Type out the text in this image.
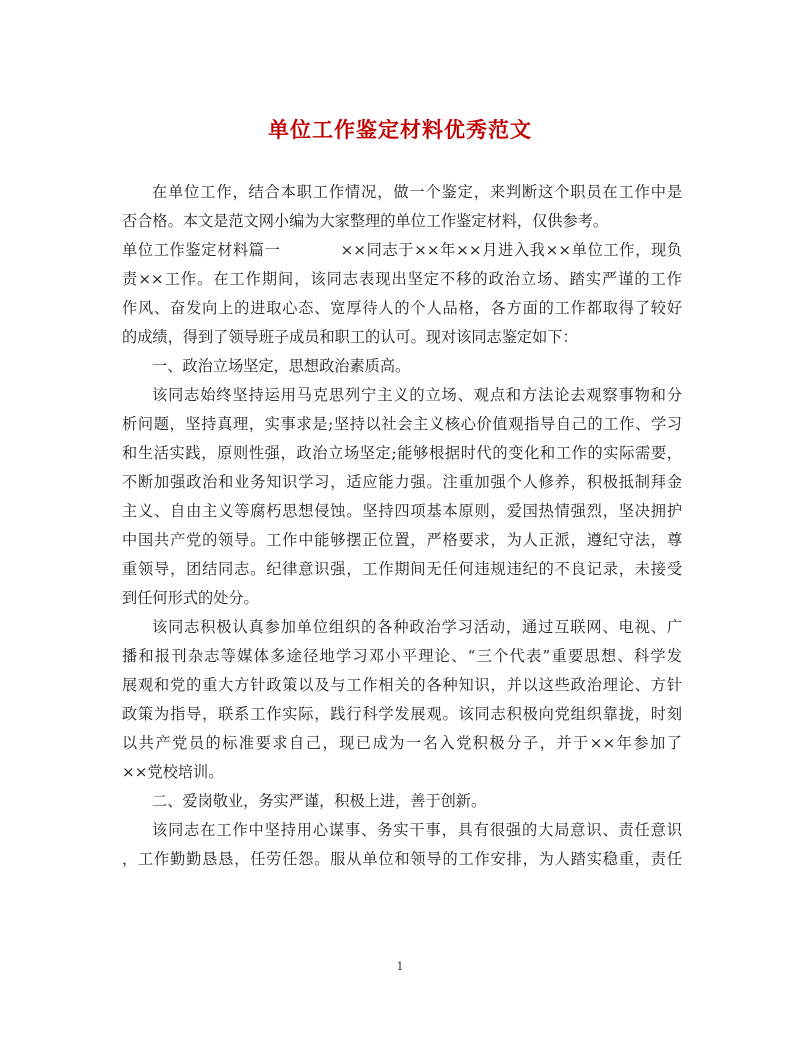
单位工作鉴定材料优秀范文
在单位工作，结合本职工作情况，做一个鉴定，来判断这个职员在工作中是
否合格。本文是范文网小编为大家整理的单位工作鉴定材料，仅供参考。
单位工作鉴定材料篇一	××同志于××年××月进入我××单位工作，现负
责××工作。在工作期间，该同志表现出坚定不移的政治立场、踏实严谨的工作
作风、奋发向上的进取心态、宽厚待人的个人品格，各方面的工作都取得了较好
的成绩，得到了领导班子成员和职工的认可。现对该同志鉴定如下：
一、政治立场坚定，思想政治素质高。
该同志始终坚持运用马克思列宁主义的立场、观点和方法论去观察事物和分
析问题，坚持真理，实事求是;坚持以社会主义核心价值观指导自己的工作、学习
和生活实践，原则性强，政治立场坚定;能够根据时代的变化和工作的实际需要，
不断加强政治和业务知识学习，适应能力强。注重加强个人修养，积极抵制拜金
主义、自由主义等腐朽思想侵蚀。坚持四项基本原则，爱国热情强烈，坚决拥护
中国共产党的领导。工作中能够摆正位置，严格要求，为人正派，遵纪守法，尊
重领导，团结同志。纪律意识强，工作期间无任何违规违纪的不良记录，未接受
到任何形式的处分。
该同志积极认真参加单位组织的各种政治学习活动，通过互联网、电视、广
播和报刊杂志等媒体多途径地学习邓小平理论、“三个代表”重要思想、科学发
展观和党的重大方针政策以及与工作相关的各种知识，并以这些政治理论、方针
政策为指导，联系工作实际，践行科学发展观。该同志积极向党组织靠拢，时刻
以共产党员的标准要求自己，现已成为一名入党积极分子，并于××年参加了
××党校培训。
二、爱岗敬业，务实严谨，积极上进，善于创新。
该同志在工作中坚持用心谋事、务实干事，具有很强的大局意识、责任意识
，工作勤勤恳恳，任劳任怨。服从单位和领导的工作安排，为人踏实稳重，责任
1
